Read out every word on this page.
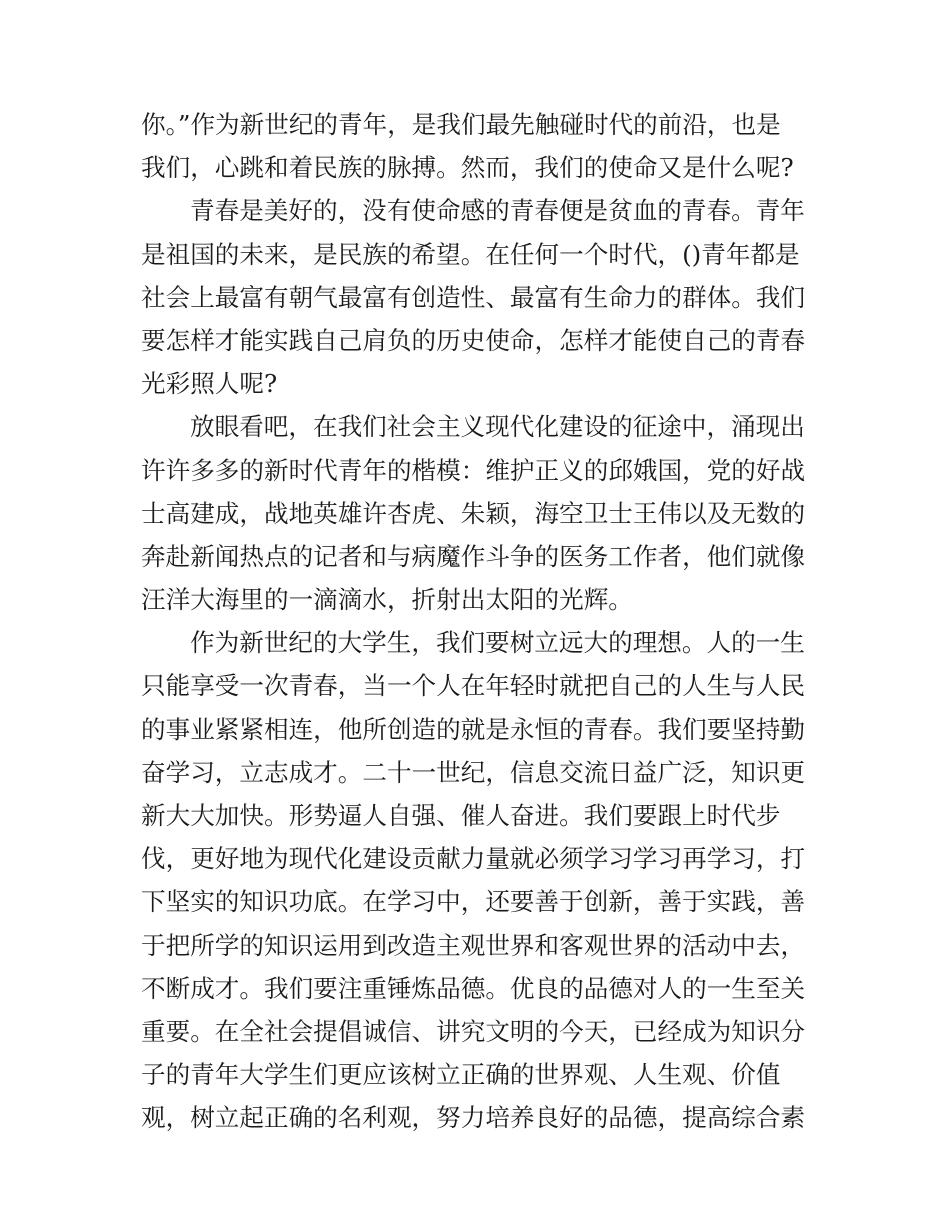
你。”作为新世纪的青年，是我们最先触碰时代的前沿，也是
我们，心跳和着民族的脉搏。然而，我们的使命又是什么呢?
青春是美好的，没有使命感的青春便是贫血的青春。青年
是祖国的未来，是民族的希望。在任何一个时代，()青年都是
社会上最富有朝气最富有创造性、最富有生命力的群体。我们
要怎样才能实践自己肩负的历史使命，怎样才能使自己的青春
光彩照人呢?
放眼看吧，在我们社会主义现代化建设的征途中，涌现出
许许多多的新时代青年的楷模：维护正义的邱娥国，党的好战
士高建成，战地英雄许杏虎、朱颖，海空卫士王伟以及无数的
奔赴新闻热点的记者和与病魔作斗争的医务工作者，他们就像
汪洋大海里的一滴滴水，折射出太阳的光辉。
作为新世纪的大学生，我们要树立远大的理想。人的一生
只能享受一次青春，当一个人在年轻时就把自己的人生与人民
的事业紧紧相连，他所创造的就是永恒的青春。我们要坚持勤
奋学习，立志成才。二十一世纪，信息交流日益广泛，知识更
新大大加快。形势逼人自强、催人奋进。我们要跟上时代步
伐，更好地为现代化建设贡献力量就必须学习学习再学习，打
下坚实的知识功底。在学习中，还要善于创新，善于实践，善
于把所学的知识运用到改造主观世界和客观世界的活动中去，
不断成才。我们要注重锤炼品德。优良的品德对人的一生至关
重要。在全社会提倡诚信、讲究文明的今天，已经成为知识分
子的青年大学生们更应该树立正确的世界观、人生观、价值
观，树立起正确的名利观，努力培养良好的品德，提高综合素
